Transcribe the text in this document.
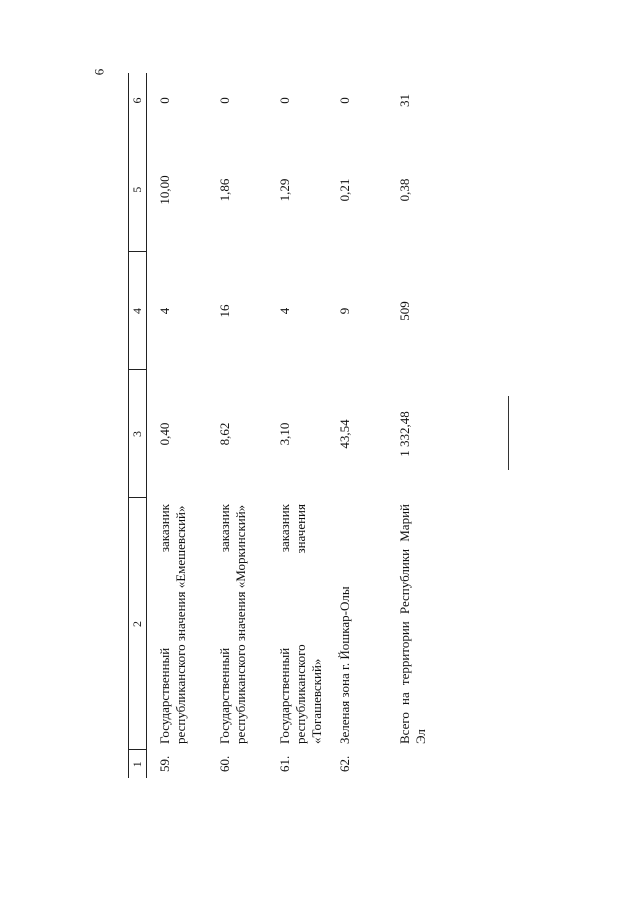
6
1	2	3	4	5	6
59.	Государственный заказник республиканского значения «Емешевский»	0,40	4	10,00	0
60.	Государственный заказник республиканского значения «Моркинский»	8,62	16	1,86	0
61.	Государственный заказник республиканского значения «Тогашевский»	3,10	4	1,29	0
62.	Зеленая зона г. Йошкар-Олы	43,54	9	0,21	0
	Всего на территории Республики Марий Эл	1 332,48	509	0,38	31
